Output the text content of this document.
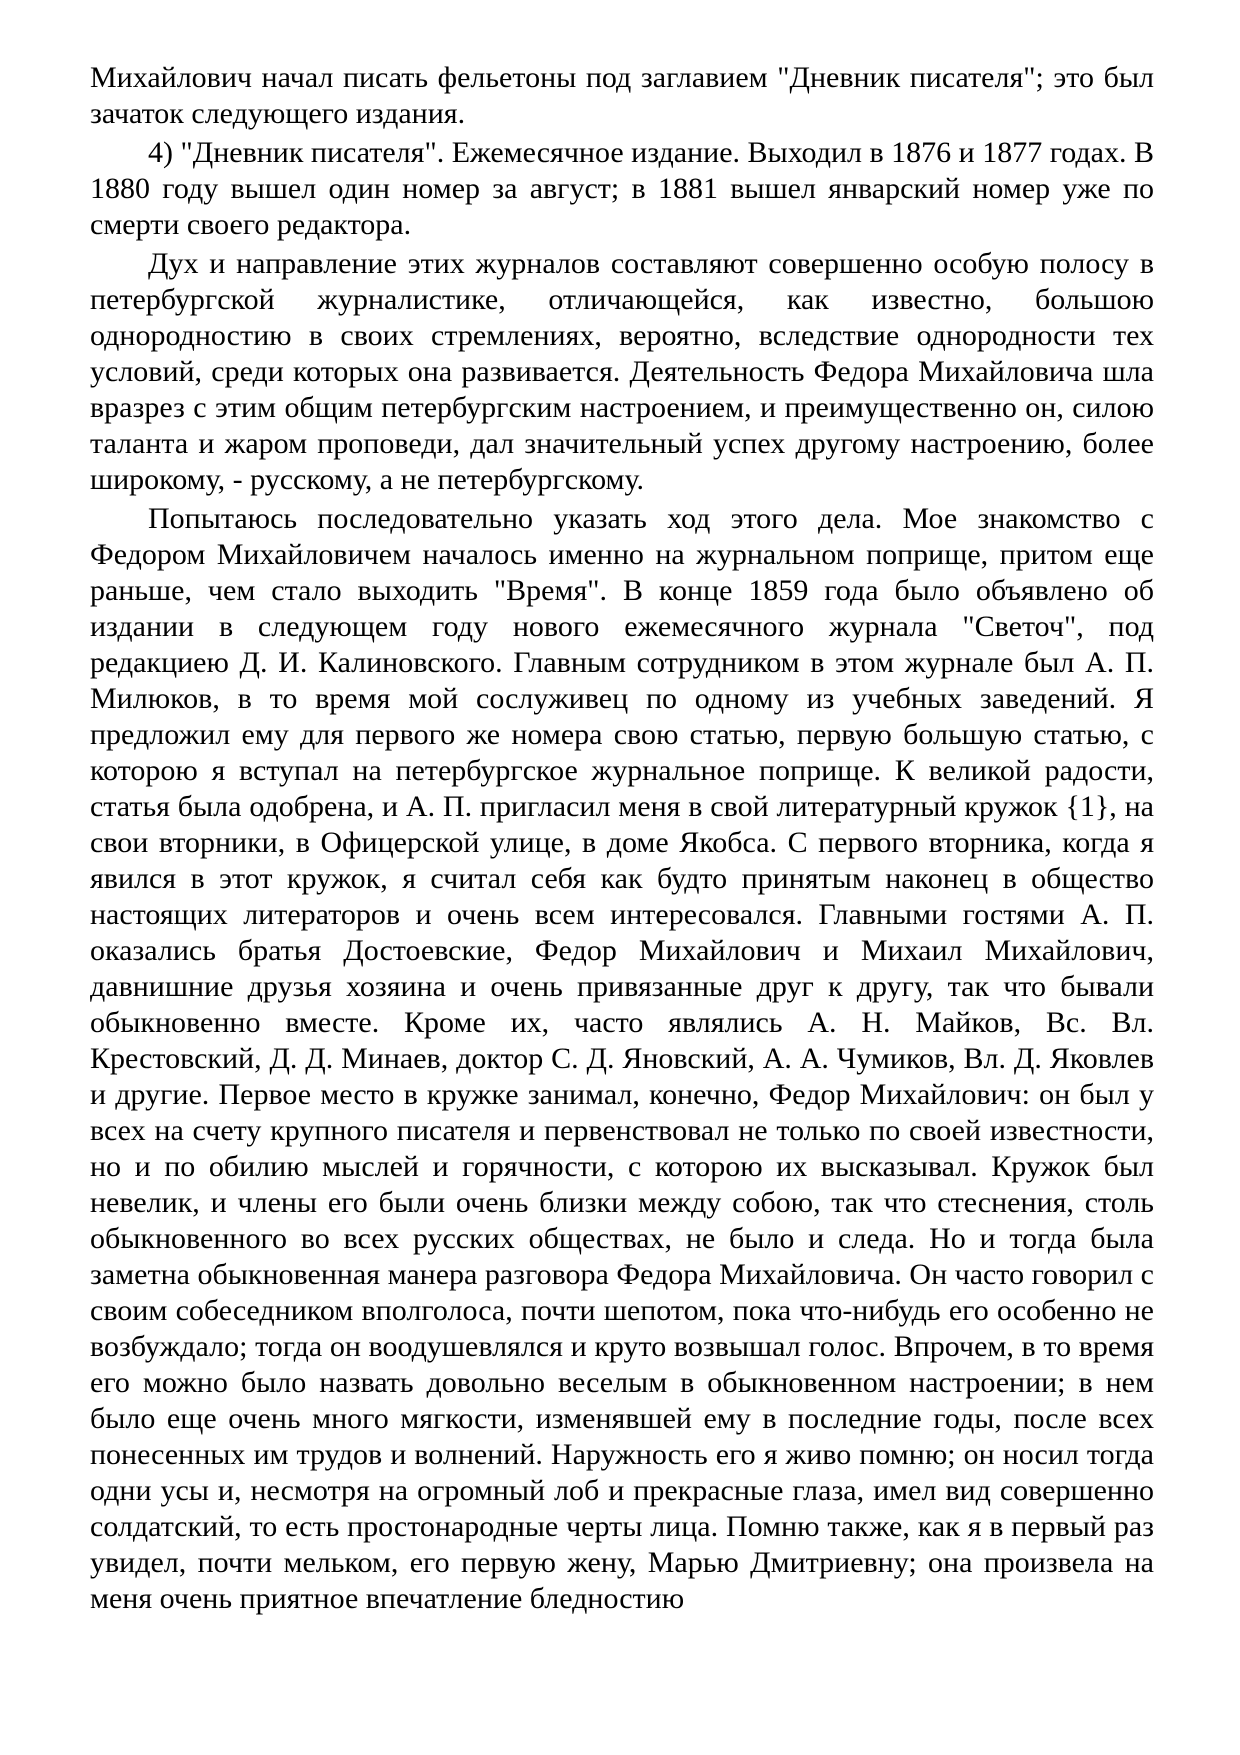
Михайлович начал писать фельетоны под заглавием "Дневник писателя"; это был зачаток следующего издания.

4) "Дневник писателя". Ежемесячное издание. Выходил в 1876 и 1877 годах. В 1880 году вышел один номер за август; в 1881 вышел январский номер уже по смерти своего редактора.

Дух и направление этих журналов составляют совершенно особую полосу в петербургской журналистике, отличающейся, как известно, большою однородностию в своих стремлениях, вероятно, вследствие однородности тех условий, среди которых она развивается. Деятельность Федора Михайловича шла вразрез с этим общим петербургским настроением, и преимущественно он, силою таланта и жаром проповеди, дал значительный успех другому настроению, более широкому, - русскому, а не петербургскому.

Попытаюсь последовательно указать ход этого дела. Мое знакомство с Федором Михайловичем началось именно на журнальном поприще, притом еще раньше, чем стало выходить "Время". В конце 1859 года было объявлено об издании в следующем году нового ежемесячного журнала "Светоч", под редакциею Д. И. Калиновского. Главным сотрудником в этом журнале был А. П. Милюков, в то время мой сослуживец по одному из учебных заведений. Я предложил ему для первого же номера свою статью, первую большую статью, с которою я вступал на петербургское журнальное поприще. К великой радости, статья была одобрена, и А. П. пригласил меня в свой литературный кружок {1}, на свои вторники, в Офицерской улице, в доме Якобса. С первого вторника, когда я явился в этот кружок, я считал себя как будто принятым наконец в общество настоящих литераторов и очень всем интересовался. Главными гостями А. П. оказались братья Достоевские, Федор Михайлович и Михаил Михайлович, давнишние друзья хозяина и очень привязанные друг к другу, так что бывали обыкновенно вместе. Кроме их, часто являлись А. Н. Майков, Вс. Вл. Крестовский, Д. Д. Минаев, доктор С. Д. Яновский, А. А. Чумиков, Вл. Д. Яковлев и другие. Первое место в кружке занимал, конечно, Федор Михайлович: он был у всех на счету крупного писателя и первенствовал не только по своей известности, но и по обилию мыслей и горячности, с которою их высказывал. Кружок был невелик, и члены его были очень близки между собою, так что стеснения, столь обыкновенного во всех русских обществах, не было и следа. Но и тогда была заметна обыкновенная манера разговора Федора Михайловича. Он часто говорил с своим собеседником вполголоса, почти шепотом, пока что-нибудь его особенно не возбуждало; тогда он воодушевлялся и круто возвышал голос. Впрочем, в то время его можно было назвать довольно веселым в обыкновенном настроении; в нем было еще очень много мягкости, изменявшей ему в последние годы, после всех понесенных им трудов и волнений. Наружность его я живо помню; он носил тогда одни усы и, несмотря на огромный лоб и прекрасные глаза, имел вид совершенно солдатский, то есть простонародные черты лица. Помню также, как я в первый раз увидел, почти мельком, его первую жену, Марью Дмитриевну; она произвела на меня очень приятное впечатление бледностию
